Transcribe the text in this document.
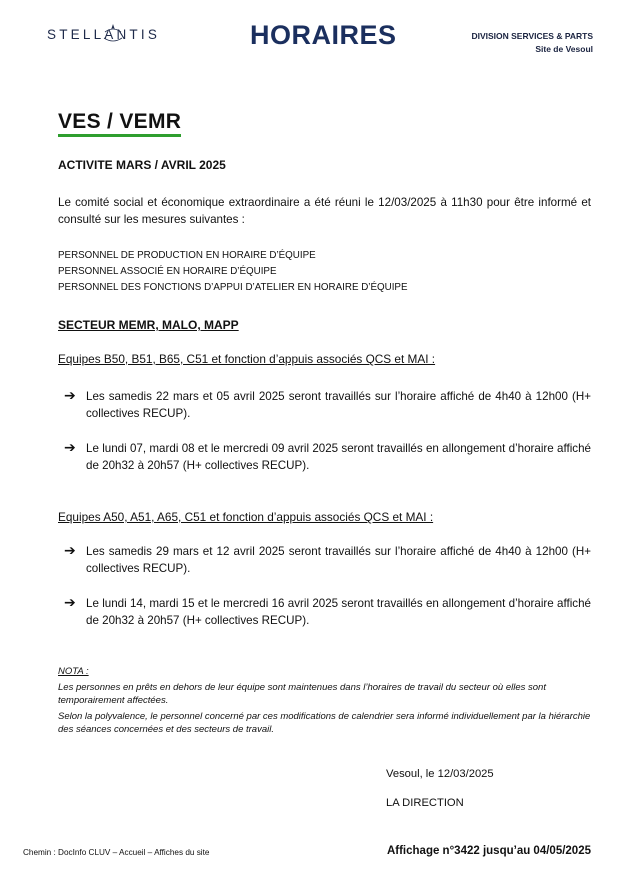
STELLANTIS	HORAIRES	DIVISION SERVICES & PARTS
Site de Vesoul
VES / VEMR
ACTIVITE MARS / AVRIL 2025
Le comité social et économique extraordinaire a été réuni le 12/03/2025 à 11h30 pour être informé et consulté sur les mesures suivantes :
PERSONNEL DE PRODUCTION EN HORAIRE D’ÉQUIPE
PERSONNEL ASSOCIÉ EN HORAIRE D’ÉQUIPE
PERSONNEL DES FONCTIONS D’APPUI D’ATELIER EN HORAIRE D’ÉQUIPE
SECTEUR MEMR, MALO, MAPP
Equipes B50, B51, B65, C51 et fonction d’appuis associés QCS et MAI :
➔ Les samedis 22 mars et 05 avril 2025 seront travaillés sur l’horaire affiché de 4h40 à 12h00 (H+ collectives RECUP).
➔ Le lundi 07, mardi 08 et le mercredi 09 avril 2025 seront travaillés en allongement d’horaire affiché de 20h32 à 20h57 (H+ collectives RECUP).
Equipes A50, A51, A65, C51 et fonction d’appuis associés QCS et MAI :
➔ Les samedis 29 mars et 12 avril 2025 seront travaillés sur l’horaire affiché de 4h40 à 12h00 (H+ collectives RECUP).
➔ Le lundi 14, mardi 15 et le mercredi 16 avril 2025 seront travaillés en allongement d’horaire affiché de 20h32 à 20h57 (H+ collectives RECUP).
NOTA :
Les personnes en prêts en dehors de leur équipe sont maintenues dans l’horaires de travail du secteur où elles sont temporairement affectées.
Selon la polyvalence, le personnel concerné par ces modifications de calendrier sera informé individuellement par la hiérarchie des séances concernées et des secteurs de travail.
Vesoul, le 12/03/2025
LA DIRECTION
Chemin : DocInfo CLUV – Accueil – Affiches du site	Affichage n°3422 jusqu’au 04/05/2025
